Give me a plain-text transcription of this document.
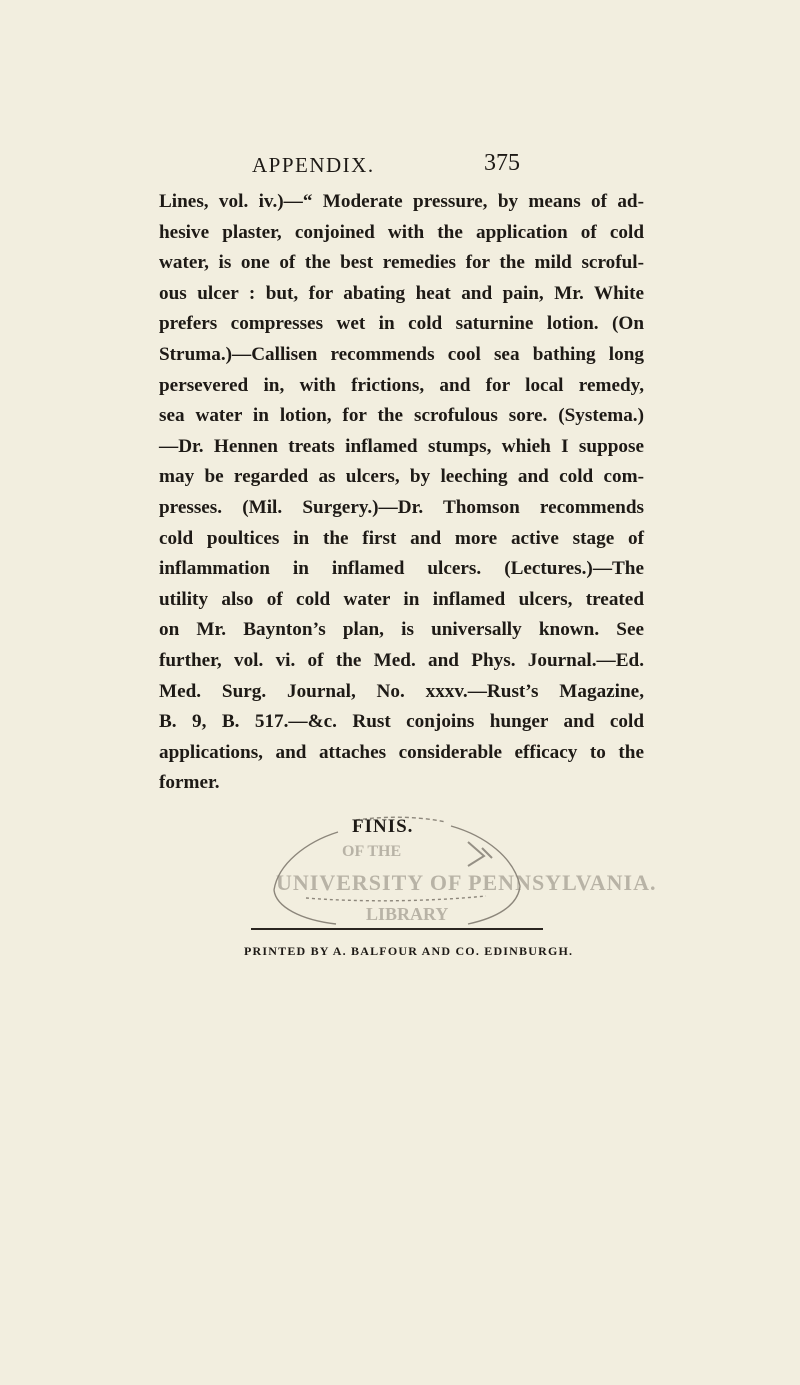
APPENDIX.	375
Lines, vol. iv.)—“ Moderate pressure, by means of ad-
hesive plaster, conjoined with the application of cold
water, is one of the best remedies for the mild scroful-
ous ulcer : but, for abating heat and pain, Mr. White
prefers compresses wet in cold saturnine lotion. (On
Struma.)—Callisen recommends cool sea bathing long
persevered in, with frictions, and for local remedy,
sea water in lotion, for the scrofulous sore. (Systema.)
—Dr. Hennen treats inflamed stumps, whieh I suppose
may be regarded as ulcers, by leeching and cold com-
presses. (Mil. Surgery.)—Dr. Thomson recommends
cold poultices in the first and more active stage of
inflammation in inflamed ulcers. (Lectures.)—The
utility also of cold water in inflamed ulcers, treated
on Mr. Baynton’s plan, is universally known. See
further, vol. vi. of the Med. and Phys. Journal.—Ed.
Med. Surg. Journal, No. xxxv.—Rust’s Magazine,
B. 9, B. 517.—&c. Rust conjoins hunger and cold
applications, and attaches considerable efficacy to the
former.
OF THE
UNIVERSITY OF PENNSYLVANIA.
LIBRARY
FINIS.
PRINTED BY A. BALFOUR AND CO. EDINBURGH.
